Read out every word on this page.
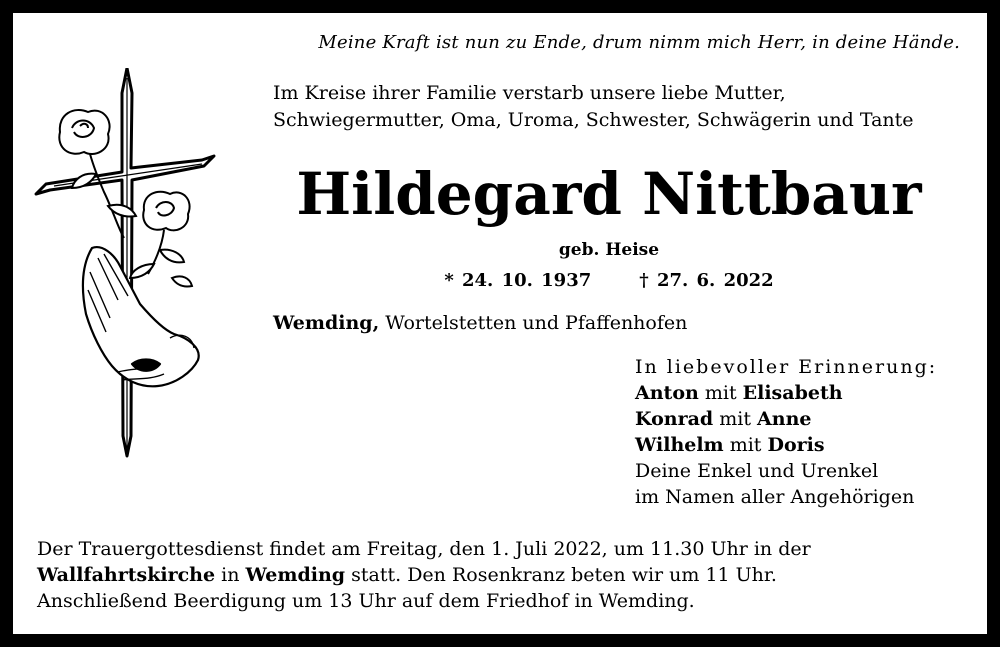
Meine Kraft ist nun zu Ende, drum nimm mich Herr, in deine Hände.
Im Kreise ihrer Familie verstarb unsere liebe Mutter,
Schwiegermutter, Oma, Uroma, Schwester, Schwägerin und Tante
Hildegard Nittbaur
geb. Heise
* 24. 10. 1937	† 27. 6. 2022
Wemding, Wortelstetten und Pfaffenhofen
In liebevoller Erinnerung:
Anton mit Elisabeth
Konrad mit Anne
Wilhelm mit Doris
Deine Enkel und Urenkel
im Namen aller Angehörigen
Der Trauergottesdienst findet am Freitag, den 1. Juli 2022, um 11.30 Uhr in der
Wallfahrtskirche in Wemding statt. Den Rosenkranz beten wir um 11 Uhr.
Anschließend Beerdigung um 13 Uhr auf dem Friedhof in Wemding.
